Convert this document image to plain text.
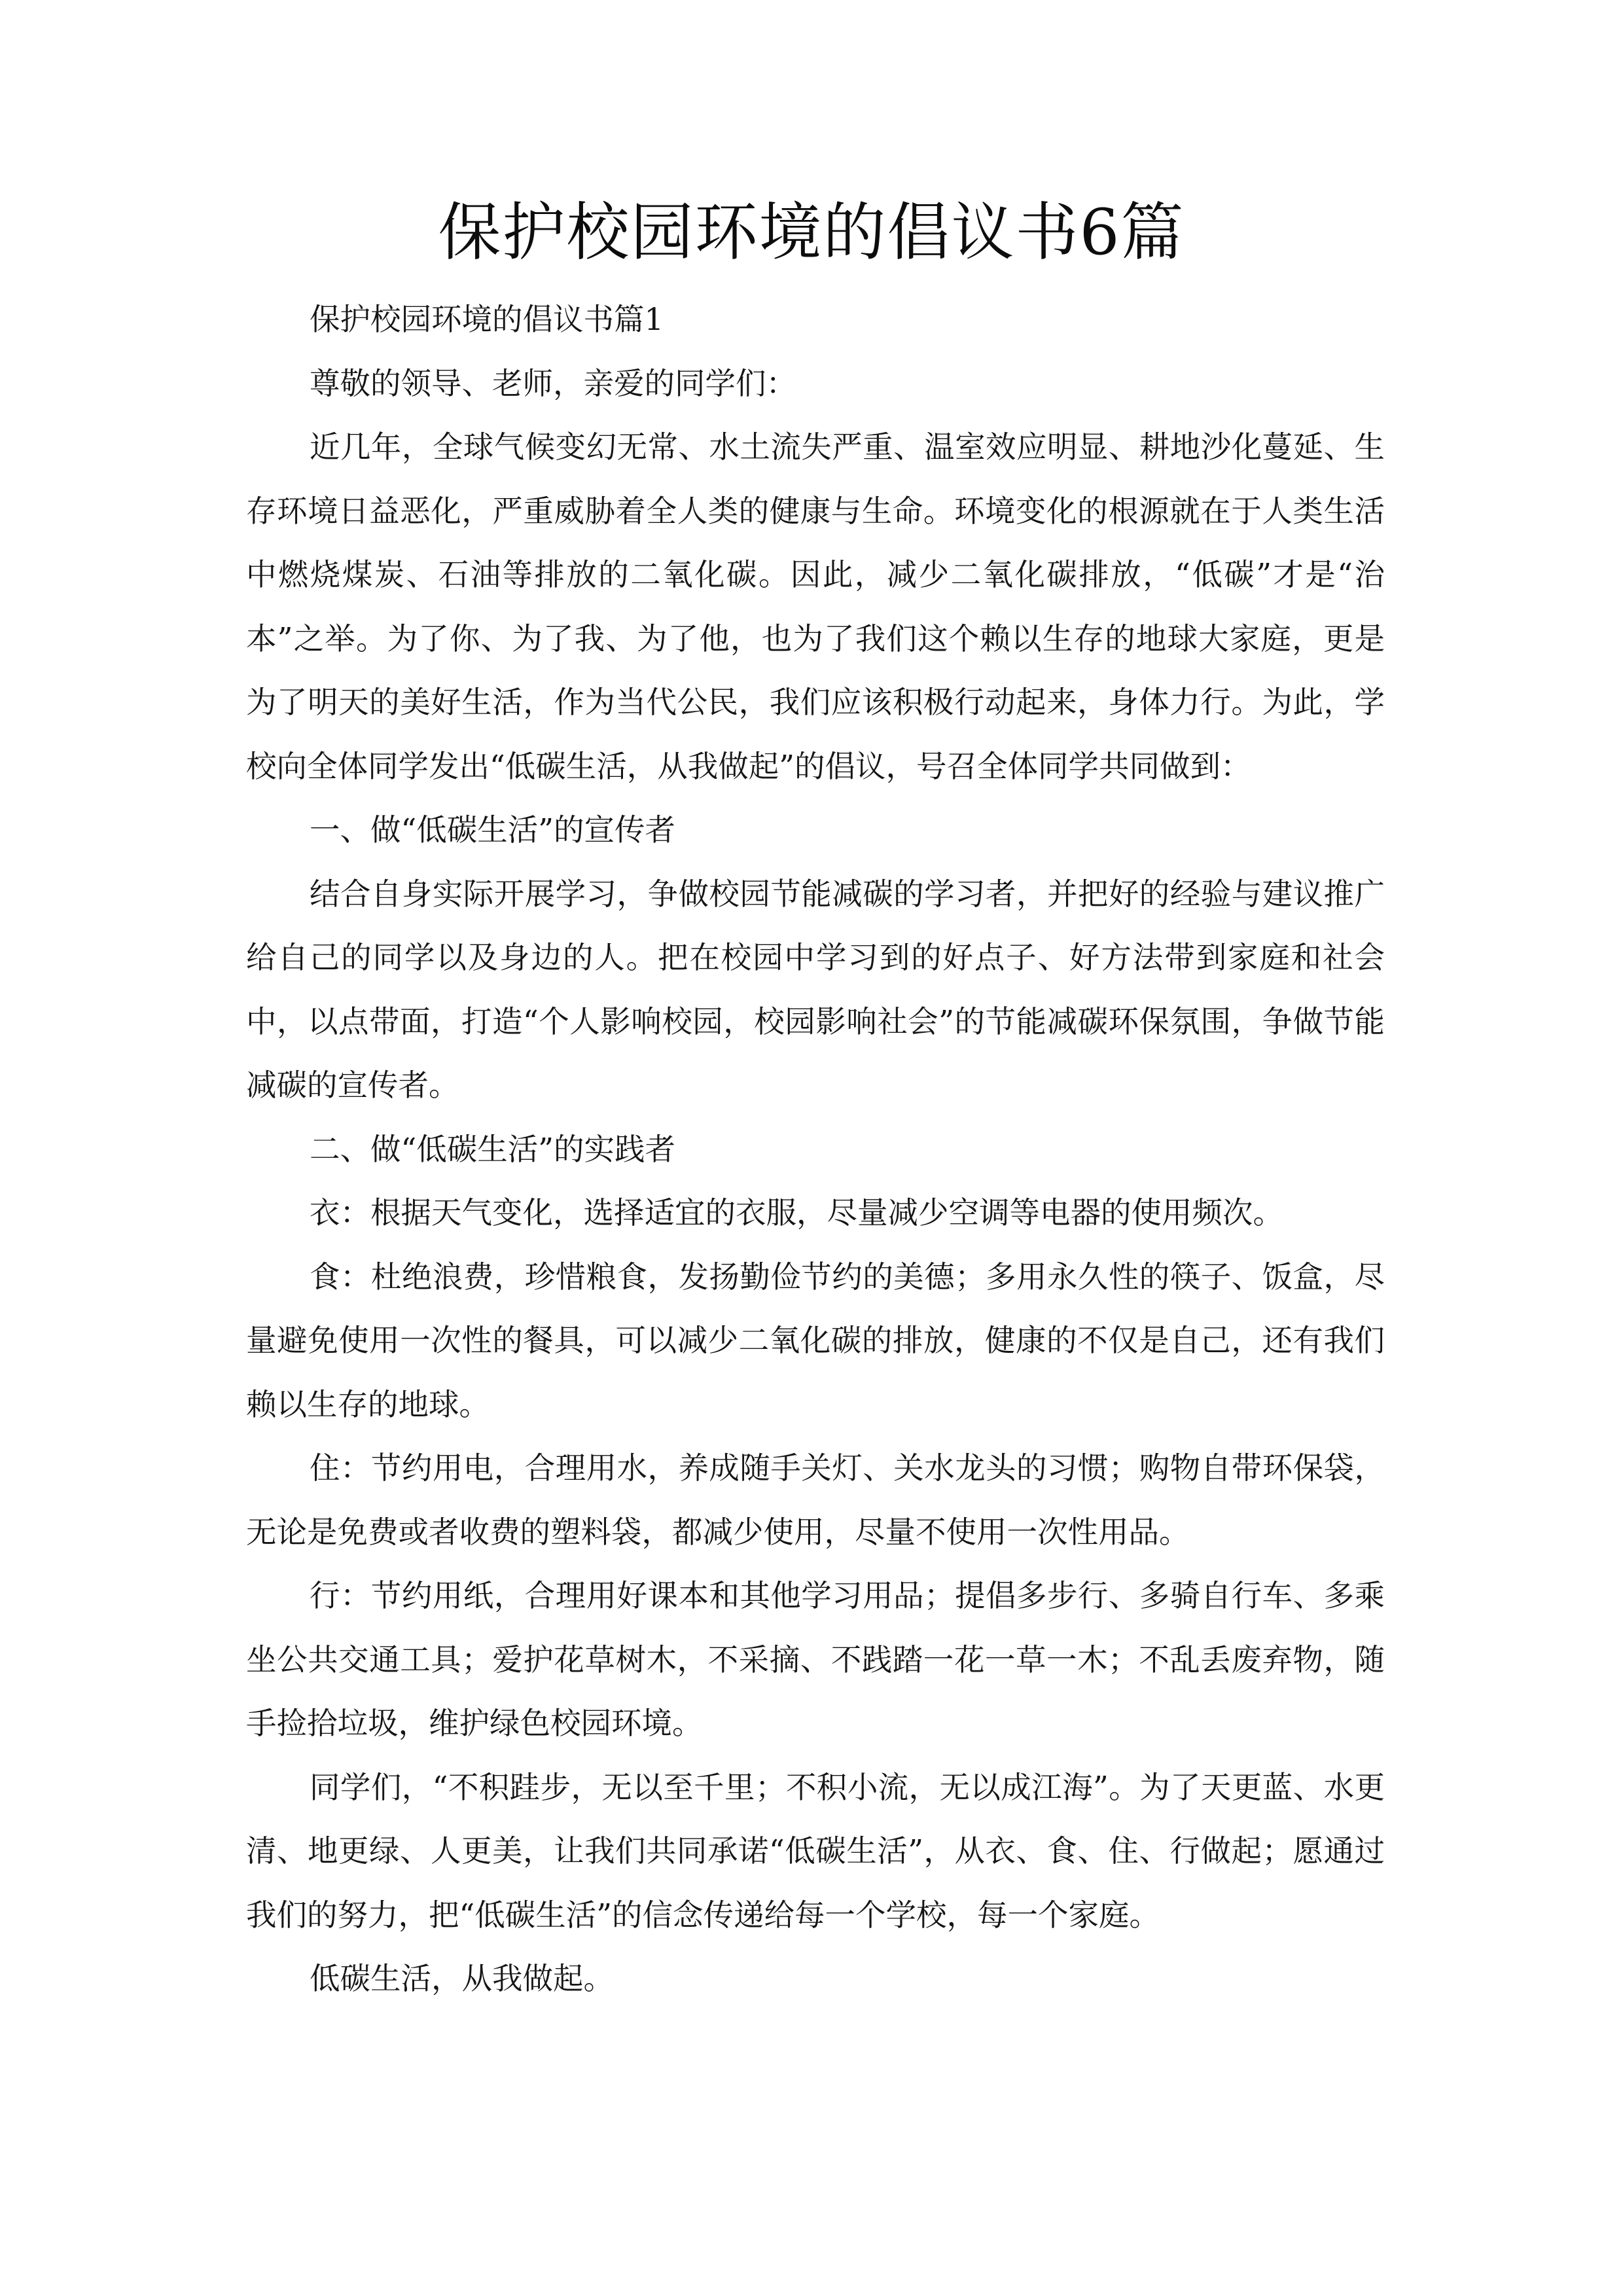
保护校园环境的倡议书6篇

保护校园环境的倡议书篇1

尊敬的领导、老师，亲爱的同学们：

近几年，全球气候变幻无常、水土流失严重、温室效应明显、耕地沙化蔓延、生存环境日益恶化，严重威胁着全人类的健康与生命。环境变化的根源就在于人类生活中燃烧煤炭、石油等排放的二氧化碳。因此，减少二氧化碳排放，“低碳”才是“治本”之举。为了你、为了我、为了他，也为了我们这个赖以生存的地球大家庭，更是为了明天的美好生活，作为当代公民，我们应该积极行动起来，身体力行。为此，学校向全体同学发出“低碳生活，从我做起”的倡议，号召全体同学共同做到：

一、做“低碳生活”的宣传者

结合自身实际开展学习，争做校园节能减碳的学习者，并把好的经验与建议推广给自己的同学以及身边的人。把在校园中学习到的好点子、好方法带到家庭和社会中，以点带面，打造“个人影响校园，校园影响社会”的节能减碳环保氛围，争做节能减碳的宣传者。

二、做“低碳生活”的实践者

衣：根据天气变化，选择适宜的衣服，尽量减少空调等电器的使用频次。

食：杜绝浪费，珍惜粮食，发扬勤俭节约的美德；多用永久性的筷子、饭盒，尽量避免使用一次性的餐具，可以减少二氧化碳的排放，健康的不仅是自己，还有我们赖以生存的地球。

住：节约用电，合理用水，养成随手关灯、关水龙头的习惯；购物自带环保袋，无论是免费或者收费的塑料袋，都减少使用，尽量不使用一次性用品。

行：节约用纸，合理用好课本和其他学习用品；提倡多步行、多骑自行车、多乘坐公共交通工具；爱护花草树木，不采摘、不践踏一花一草一木；不乱丢废弃物，随手捡拾垃圾，维护绿色校园环境。

同学们，“不积跬步，无以至千里；不积小流，无以成江海”。为了天更蓝、水更清、地更绿、人更美，让我们共同承诺“低碳生活”，从衣、食、住、行做起；愿通过我们的努力，把“低碳生活”的信念传递给每一个学校，每一个家庭。

低碳生活，从我做起。
